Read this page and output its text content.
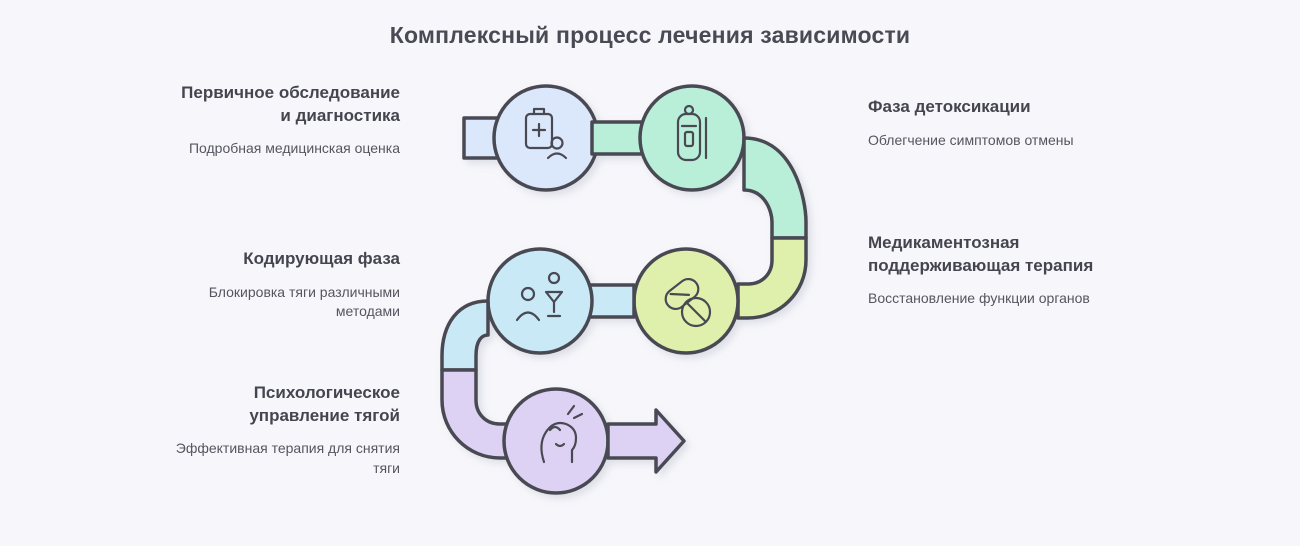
Комплексный процесс лечения зависимости
Первичное обследование и диагностика
Подробная медицинская оценка
Кодирующая фаза
Блокировка тяги различными методами
Психологическое управление тягой
Эффективная терапия для снятия тяги
Фаза детоксикации
Облегчение симптомов отмены
Медикаментозная поддерживающая терапия
Восстановление функции органов
